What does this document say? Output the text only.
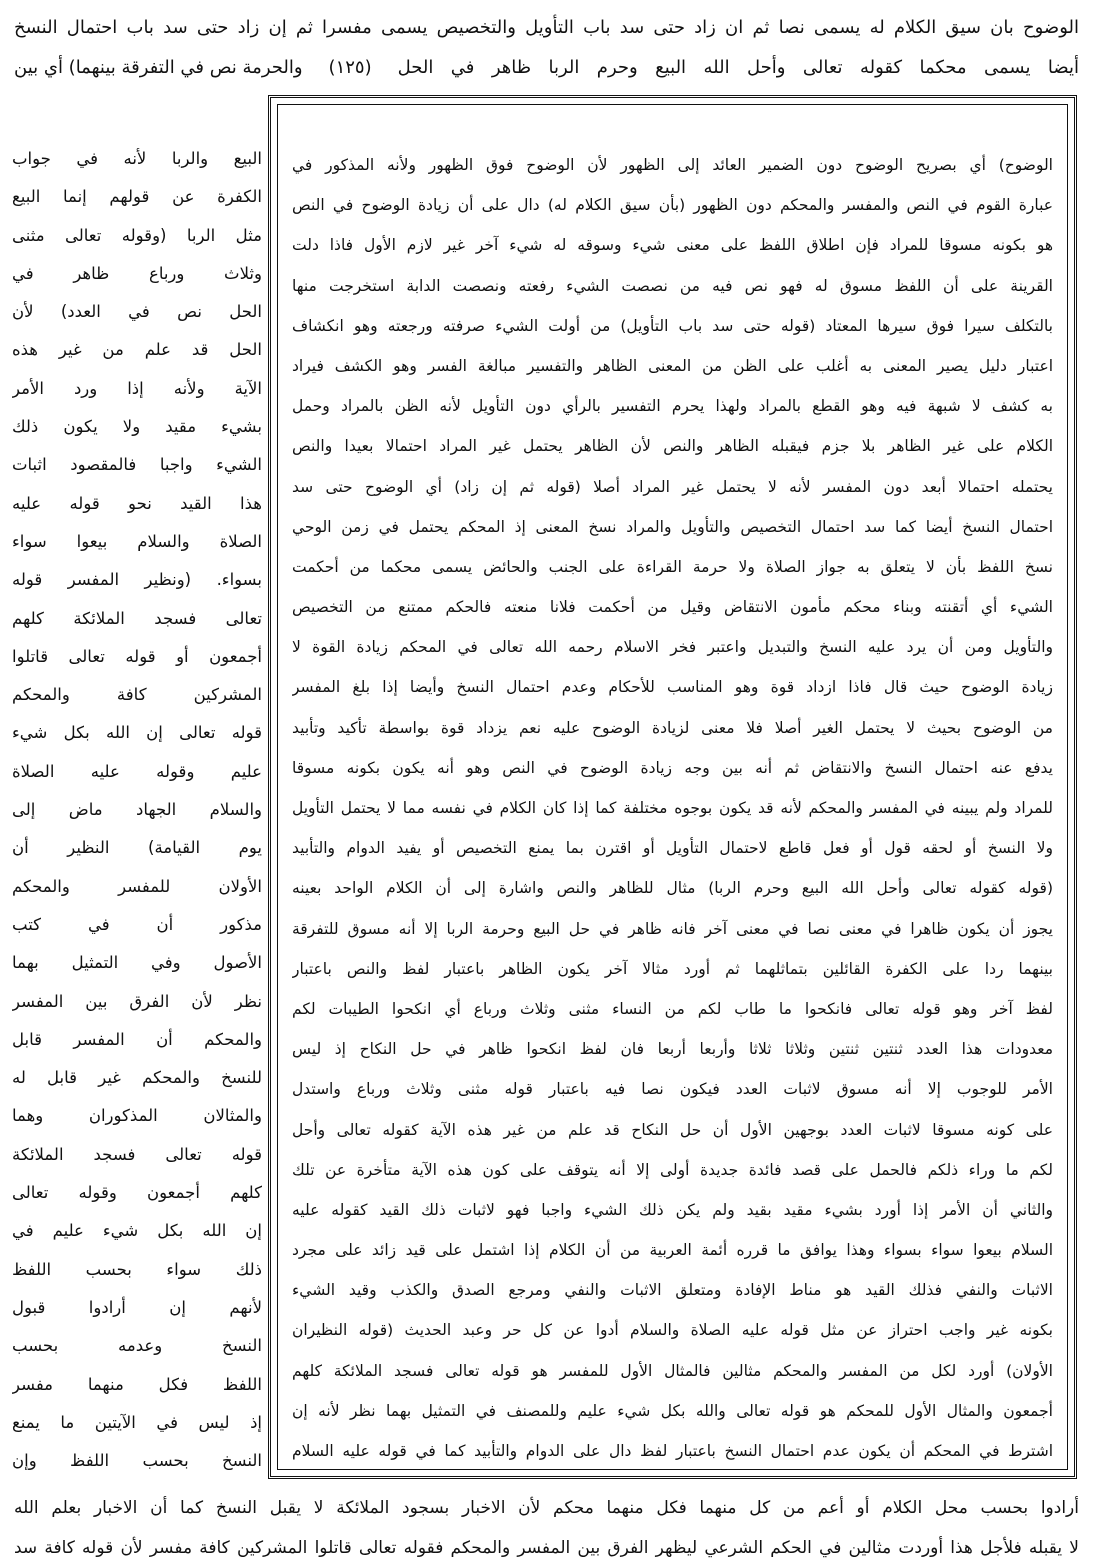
الوضوح بان سيق الكلام له يسمى نصا ثم ان زاد حتى سد باب التأويل والتخصيص يسمى مفسرا ثم إن زاد حتى سد باب احتمال النسخ
أيضا يسمى محكما كقوله تعالى وأحل الله البيع وحرم الربا ظاهر في الحل
(١٢٥)
والحرمة نص في التفرقة بينهما) أي بين
الوضوح) أي بصريح الوضوح دون الضمير العائد إلى الظهور لأن الوضوح فوق الظهور ولأنه المذكور في
عبارة القوم في النص والمفسر والمحكم دون الظهور (بأن سيق الكلام له) دال على أن زيادة الوضوح في النص
هو بكونه مسوقا للمراد فإن اطلاق اللفظ على معنى شيء وسوقه له شيء آخر غير لازم الأول فاذا دلت
القرينة على أن اللفظ مسوق له فهو نص فيه من نصصت الشيء رفعته ونصصت الدابة استخرجت منها
بالتكلف سيرا فوق سيرها المعتاد (قوله حتى سد باب التأويل) من أولت الشيء صرفته ورجعته وهو انكشاف
اعتبار دليل يصير المعنى به أغلب على الظن من المعنى الظاهر والتفسير مبالغة الفسر وهو الكشف فيراد
به كشف لا شبهة فيه وهو القطع بالمراد ولهذا يحرم التفسير بالرأي دون التأويل لأنه الظن بالمراد وحمل
الكلام على غير الظاهر بلا جزم فيقبله الظاهر والنص لأن الظاهر يحتمل غير المراد احتمالا بعيدا والنص
يحتمله احتمالا أبعد دون المفسر لأنه لا يحتمل غير المراد أصلا (قوله ثم إن زاد) أي الوضوح حتى سد
احتمال النسخ أيضا كما سد احتمال التخصيص والتأويل والمراد نسخ المعنى إذ المحكم يحتمل في زمن الوحي
نسخ اللفظ بأن لا يتعلق به جواز الصلاة ولا حرمة القراءة على الجنب والحائض يسمى محكما من أحكمت
الشيء أي أتقنته وبناء محكم مأمون الانتقاض وقيل من أحكمت فلانا منعته فالحكم ممتنع من التخصيص
والتأويل ومن أن يرد عليه النسخ والتبديل واعتبر فخر الاسلام رحمه الله تعالى في المحكم زيادة القوة لا
زيادة الوضوح حيث قال فاذا ازداد قوة وهو المناسب للأحكام وعدم احتمال النسخ وأيضا إذا بلغ المفسر
من الوضوح بحيث لا يحتمل الغير أصلا فلا معنى لزيادة الوضوح عليه نعم يزداد قوة بواسطة تأكيد وتأبيد
يدفع عنه احتمال النسخ والانتقاض ثم أنه بين وجه زيادة الوضوح في النص وهو أنه يكون بكونه مسوقا
للمراد ولم يبينه في المفسر والمحكم لأنه قد يكون بوجوه مختلفة كما إذا كان الكلام في نفسه مما لا يحتمل التأويل
ولا النسخ أو لحقه قول أو فعل قاطع لاحتمال التأويل أو اقترن بما يمنع التخصيص أو يفيد الدوام والتأبيد
(قوله كقوله تعالى وأحل الله البيع وحرم الربا) مثال للظاهر والنص واشارة إلى أن الكلام الواحد بعينه
يجوز أن يكون ظاهرا في معنى نصا في معنى آخر فانه ظاهر في حل البيع وحرمة الربا إلا أنه مسوق للتفرقة
بينهما ردا على الكفرة القائلين بتماثلهما ثم أورد مثالا آخر يكون الظاهر باعتبار لفظ والنص باعتبار
لفظ آخر وهو قوله تعالى فانكحوا ما طاب لكم من النساء مثنى وثلاث ورباع أي انكحوا الطيبات لكم
معدودات هذا العدد ثنتين ثنتين وثلاثا ثلاثا وأربعا أربعا فان لفظ انكحوا ظاهر في حل النكاح إذ ليس
الأمر للوجوب إلا أنه مسوق لاثبات العدد فيكون نصا فيه باعتبار قوله مثنى وثلاث ورباع واستدل
على كونه مسوقا لاثبات العدد بوجهين الأول أن حل النكاح قد علم من غير هذه الآية كقوله تعالى وأحل
لكم ما وراء ذلكم فالحمل على قصد فائدة جديدة أولى إلا أنه يتوقف على كون هذه الآية متأخرة عن تلك
والثاني أن الأمر إذا أورد بشيء مقيد بقيد ولم يكن ذلك الشيء واجبا فهو لاثبات ذلك القيد كقوله عليه
السلام بيعوا سواء بسواء وهذا يوافق ما قرره أئمة العربية من أن الكلام إذا اشتمل على قيد زائد على مجرد
الاثبات والنفي فذلك القيد هو مناط الإفادة ومتعلق الاثبات والنفي ومرجع الصدق والكذب وقيد الشيء
بكونه غير واجب احتراز عن مثل قوله عليه الصلاة والسلام أدوا عن كل حر وعبد الحديث (قوله النظيران
الأولان) أورد لكل من المفسر والمحكم مثالين فالمثال الأول للمفسر هو قوله تعالى فسجد الملائكة كلهم
أجمعون والمثال الأول للمحكم هو قوله تعالى والله بكل شيء عليم وللمصنف في التمثيل بهما نظر لأنه إن
اشترط في المحكم أن يكون عدم احتمال النسخ باعتبار لفظ دال على الدوام والتأبيد كما في قوله عليه السلام
البيع والربا لأنه في جواب
الكفرة عن قولهم إنما البيع
مثل الربا (وقوله تعالى مثنى
وثلاث ورباع ظاهر في
الحل نص في العدد) لأن
الحل قد علم من غير هذه
الآية ولأنه إذا ورد الأمر
بشيء مقيد ولا يكون ذلك
الشيء واجبا فالمقصود اثبات
هذا القيد نحو قوله عليه
الصلاة والسلام بيعوا سواء
بسواء. (ونظير المفسر قوله
تعالى فسجد الملائكة كلهم
أجمعون أو قوله تعالى قاتلوا
المشركين كافة والمحكم
قوله تعالى إن الله بكل شيء
عليم وقوله عليه الصلاة
والسلام الجهاد ماض إلى
يوم القيامة) النظير أن
الأولان للمفسر والمحكم
مذكور أن في كتب
الأصول وفي التمثيل بهما
نظر لأن الفرق بين المفسر
والمحكم أن المفسر قابل
للنسخ والمحكم غير قابل له
والمثالان المذكوران وهما
قوله تعالى فسجد الملائكة
كلهم أجمعون وقوله تعالى
إن الله بكل شيء عليم في
ذلك سواء بحسب اللفظ
لأنهم إن أرادوا قبول
النسخ وعدمه بحسب
اللفظ فكل منهما مفسر
إذ ليس في الآيتين ما يمنع
النسخ بحسب اللفظ وإن
أرادوا بحسب محل الكلام أو أعم من كل منهما فكل منهما محكم لأن الاخبار بسجود الملائكة لا يقبل النسخ كما أن الاخبار بعلم الله
لا يقبله فلأجل هذا أوردت مثالين في الحكم الشرعي ليظهر الفرق بين المفسر والمحكم فقوله تعالى قاتلوا المشركين كافة مفسر لأن قوله كافة سد
